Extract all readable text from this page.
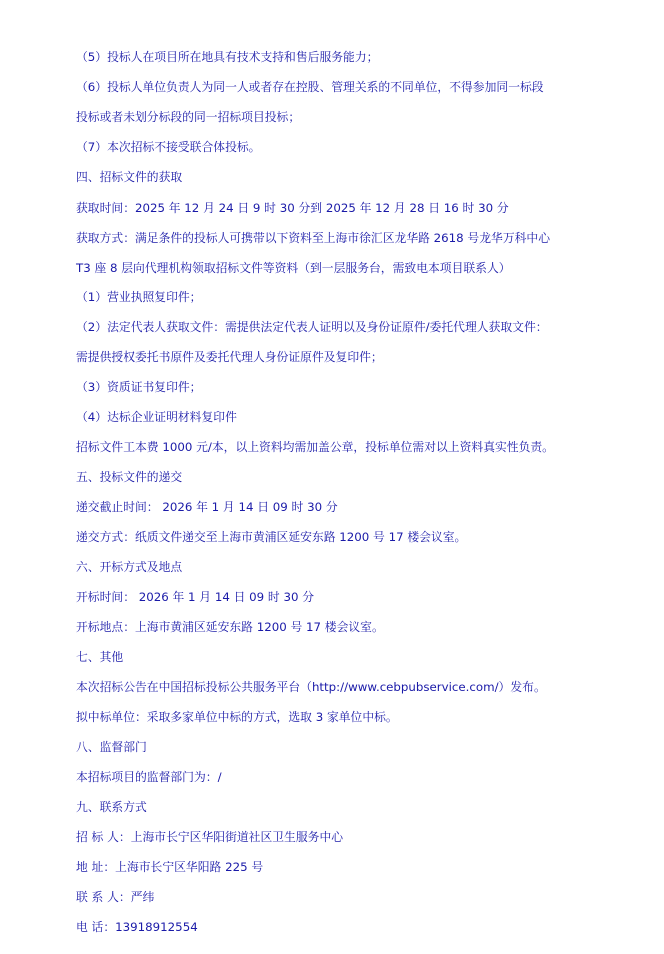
（5）投标人在项目所在地具有技术支持和售后服务能力；
（6）投标人单位负责人为同一人或者存在控股、管理关系的不同单位，不得参加同一标段
投标或者未划分标段的同一招标项目投标；
（7）本次招标不接受联合体投标。
四、招标文件的获取
获取时间：2025 年 12 月 24 日 9 时 30 分到 2025 年 12 月 28 日 16 时 30 分
获取方式：满足条件的投标人可携带以下资料至上海市徐汇区龙华路 2618 号龙华万科中心
T3 座 8 层向代理机构领取招标文件等资料（到一层服务台，需致电本项目联系人）
（1）营业执照复印件；
（2）法定代表人获取文件：需提供法定代表人证明以及身份证原件/委托代理人获取文件：
需提供授权委托书原件及委托代理人身份证原件及复印件；
（3）资质证书复印件；
（4）达标企业证明材料复印件
招标文件工本费 1000 元/本，以上资料均需加盖公章，投标单位需对以上资料真实性负责。
五、投标文件的递交
递交截止时间： 2026 年 1 月 14 日 09 时 30 分
递交方式：纸质文件递交至上海市黄浦区延安东路 1200 号 17 楼会议室。
六、开标方式及地点
开标时间： 2026 年 1 月 14 日 09 时 30 分
开标地点：上海市黄浦区延安东路 1200 号 17 楼会议室。
七、其他
本次招标公告在中国招标投标公共服务平台（http://www.cebpubservice.com/）发布。
拟中标单位：采取多家单位中标的方式，选取 3 家单位中标。
八、监督部门
本招标项目的监督部门为：/
九、联系方式
招 标 人：上海市长宁区华阳街道社区卫生服务中心
地 址：上海市长宁区华阳路 225 号
联 系 人：严纬
电 话：13918912554
